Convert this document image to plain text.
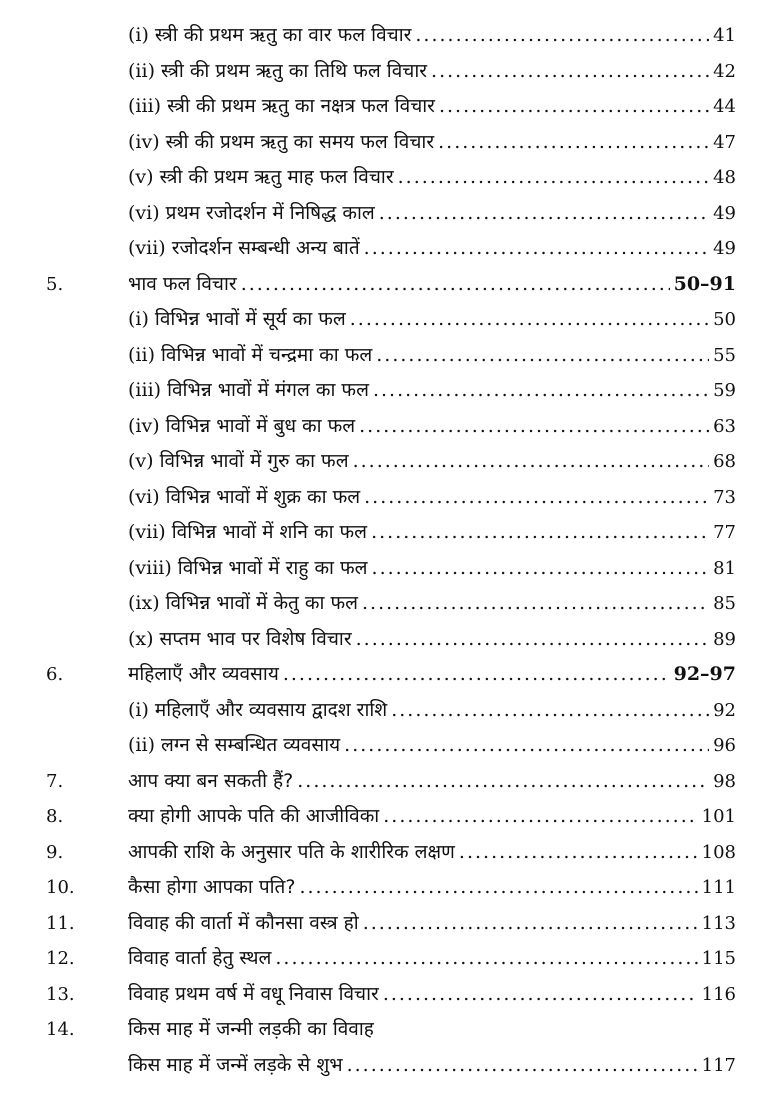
(i) स्त्री की प्रथम ऋतु का वार फल विचार .....	41
(ii) स्त्री की प्रथम ऋतु का तिथि फल विचार .....	42
(iii) स्त्री की प्रथम ऋतु का नक्षत्र फल विचार .....	44
(iv) स्त्री की प्रथम ऋतु का समय फल विचार .....	47
(v) स्त्री की प्रथम ऋतु माह फल विचार .....	48
(vi) प्रथम रजोदर्शन में निषिद्ध काल .....	49
(vii) रजोदर्शन सम्बन्धी अन्य बातें .....	49
5.	भाव फल विचार .....	50–91
(i) विभिन्न भावों में सूर्य का फल .....	50
(ii) विभिन्न भावों में चन्द्रमा का फल .....	55
(iii) विभिन्न भावों में मंगल का फल .....	59
(iv) विभिन्न भावों में बुध का फल .....	63
(v) विभिन्न भावों में गुरु का फल .....	68
(vi) विभिन्न भावों में शुक्र का फल .....	73
(vii) विभिन्न भावों में शनि का फल .....	77
(viii) विभिन्न भावों में राहु का फल .....	81
(ix) विभिन्न भावों में केतु का फल .....	85
(x) सप्तम भाव पर विशेष विचार .....	89
6.	महिलाएँ और व्यवसाय .....	92–97
(i) महिलाएँ और व्यवसाय द्वादश राशि .....	92
(ii) लग्न से सम्बन्धित व्यवसाय .....	96
7.	आप क्या बन सकती हैं? .....	98
8.	क्या होगी आपके पति की आजीविका .....	101
9.	आपकी राशि के अनुसार पति के शारीरिक लक्षण .....	108
10.	कैसा होगा आपका पति? .....	111
11.	विवाह की वार्ता में कौनसा वस्त्र हो .....	113
12.	विवाह वार्ता हेतु स्थल .....	115
13.	विवाह प्रथम वर्ष में वधू निवास विचार .....	116
14.	किस माह में जन्मी लड़की का विवाह
किस माह में जन्में लड़के से शुभ .....	117
